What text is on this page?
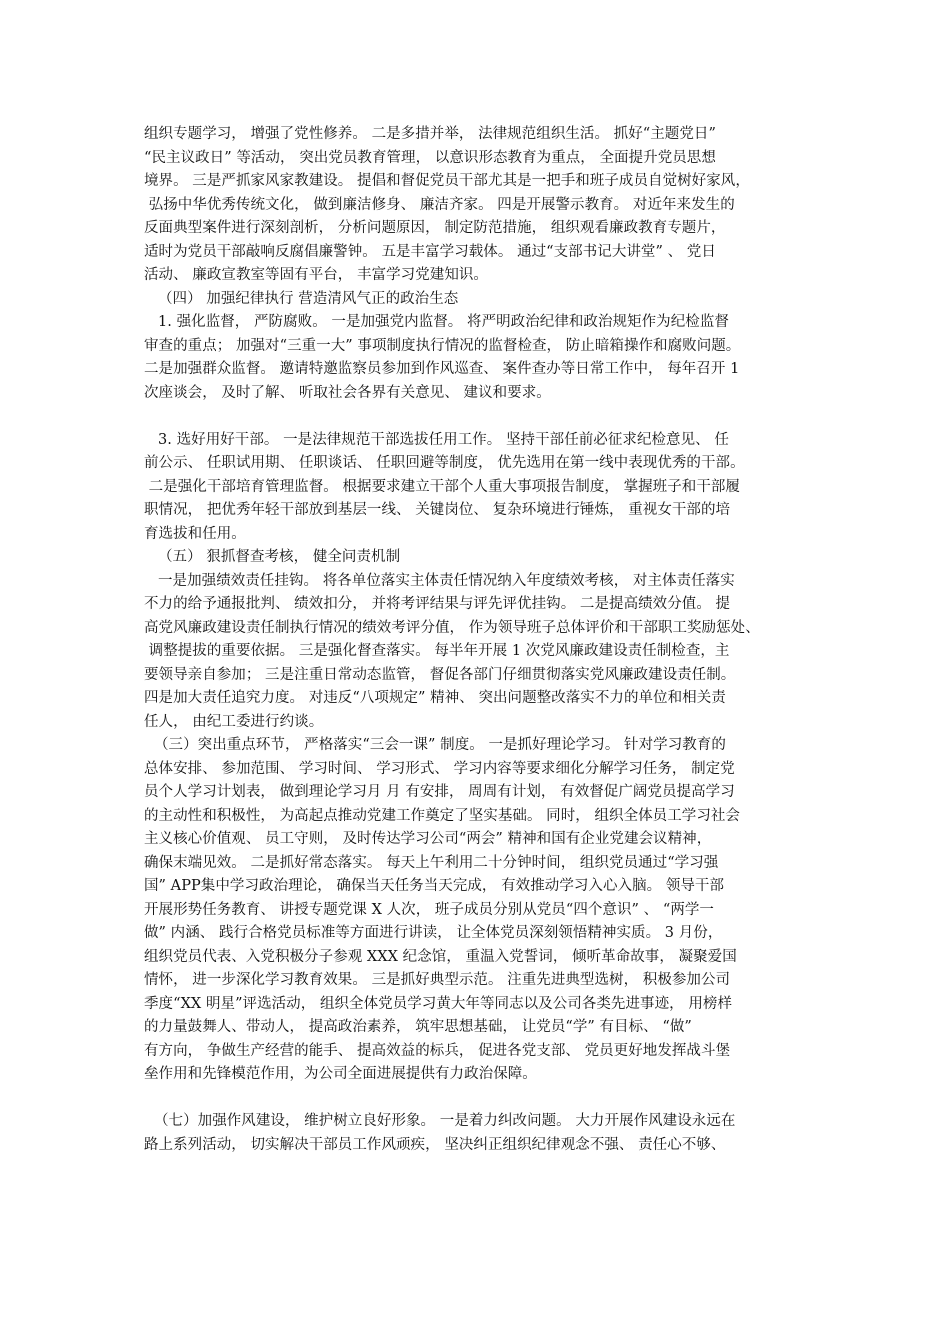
组织专题学习， 增强了党性修养。 二是多措并举， 法律规范组织生活。 抓好“主题党日”
“民主议政日” 等活动， 突出党员教育管理， 以意识形态教育为重点， 全面提升党员思想
境界。 三是严抓家风家教建设。 提倡和督促党员干部尤其是一把手和班子成员自觉树好家风，
弘扬中华优秀传统文化， 做到廉洁修身、 廉洁齐家。 四是开展警示教育。 对近年来发生的
反面典型案件进行深刻剖析， 分析问题原因， 制定防范措施， 组织观看廉政教育专题片，
适时为党员干部敲响反腐倡廉警钟。 五是丰富学习载体。 通过“支部书记大讲堂” 、 党日
活动、 廉政宣教室等固有平台， 丰富学习党建知识。
（四） 加强纪律执行 营造清风气正的政治生态
1. 强化监督， 严防腐败。 一是加强党内监督。 将严明政治纪律和政治规矩作为纪检监督
审查的重点； 加强对“三重一大” 事项制度执行情况的监督检查， 防止暗箱操作和腐败问题。
二是加强群众监督。 邀请特邀监察员参加到作风巡查、 案件查办等日常工作中， 每年召开 1
次座谈会， 及时了解、 听取社会各界有关意见、 建议和要求。
3. 选好用好干部。 一是法律规范干部选拔任用工作。 坚持干部任前必征求纪检意见、 任
前公示、 任职试用期、 任职谈话、 任职回避等制度， 优先选用在第一线中表现优秀的干部。
二是强化干部培育管理监督。 根据要求建立干部个人重大事项报告制度， 掌握班子和干部履
职情况， 把优秀年轻干部放到基层一线、 关键岗位、 复杂环境进行锤炼， 重视女干部的培
育选拔和任用。
（五） 狠抓督查考核， 健全问责机制
一是加强绩效责任挂钩。 将各单位落实主体责任情况纳入年度绩效考核， 对主体责任落实
不力的给予通报批判、 绩效扣分， 并将考评结果与评先评优挂钩。 二是提高绩效分值。 提
高党风廉政建设责任制执行情况的绩效考评分值， 作为领导班子总体评价和干部职工奖励惩处、
调整提拔的重要依据。 三是强化督查落实。 每半年开展 1 次党风廉政建设责任制检查，主
要领导亲自参加； 三是注重日常动态监管， 督促各部门仔细贯彻落实党风廉政建设责任制。
四是加大责任追究力度。 对违反“八项规定” 精神、 突出问题整改落实不力的单位和相关责
任人， 由纪工委进行约谈。
（三）突出重点环节， 严格落实“三会一课” 制度。 一是抓好理论学习。 针对学习教育的
总体安排、 参加范围、 学习时间、 学习形式、 学习内容等要求细化分解学习任务， 制定党
员个人学习计划表， 做到理论学习月 月 有安排， 周周有计划， 有效督促广阔党员提高学习
的主动性和积极性， 为高起点推动党建工作奠定了坚实基础。 同时， 组织全体员工学习社会
主义核心价值观、 员工守则， 及时传达学习公司“两会” 精神和国有企业党建会议精神，
确保末端见效。 二是抓好常态落实。 每天上午利用二十分钟时间， 组织党员通过“学习强
国” APP集中学习政治理论， 确保当天任务当天完成， 有效推动学习入心入脑。 领导干部
开展形势任务教育、 讲授专题党课 X 人次， 班子成员分别从党员“四个意识” 、 “两学一
做” 内涵、 践行合格党员标准等方面进行讲读， 让全体党员深刻领悟精神实质。 3 月份，
组织党员代表、入党积极分子参观 XXX 纪念馆， 重温入党誓词， 倾听革命故事， 凝聚爱国
情怀， 进一步深化学习教育效果。 三是抓好典型示范。 注重先进典型选树， 积极参加公司
季度“XX 明星”评选活动， 组织全体党员学习黄大年等同志以及公司各类先进事迹， 用榜样
的力量鼓舞人、带动人， 提高政治素养， 筑牢思想基础， 让党员“学” 有目标、 “做”
有方向， 争做生产经营的能手、 提高效益的标兵， 促进各党支部、 党员更好地发挥战斗堡
垒作用和先锋模范作用，为公司全面进展提供有力政治保障。
（七）加强作风建设， 维护树立良好形象。 一是着力纠改问题。 大力开展作风建设永远在
路上系列活动， 切实解决干部员工作风顽疾， 坚决纠正组织纪律观念不强、 责任心不够、
